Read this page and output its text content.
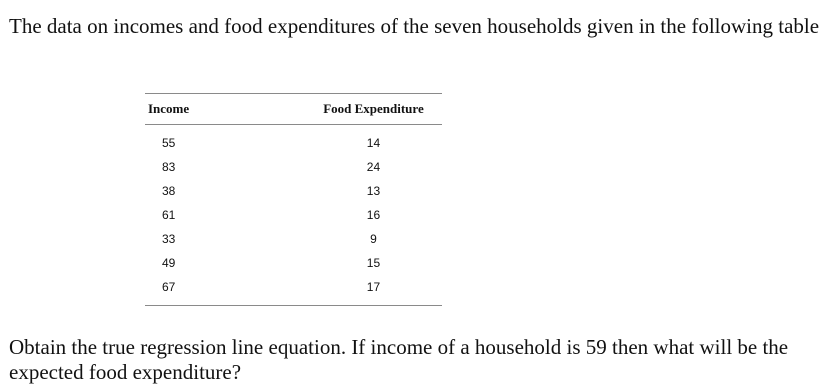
The data on incomes and food expenditures of the seven households given in the following table

Income	Food Expenditure
55	14
83	24
38	13
61	16
33	9
49	15
67	17

Obtain the true regression line equation. If income of a household is 59 then what will be the expected food expenditure?
